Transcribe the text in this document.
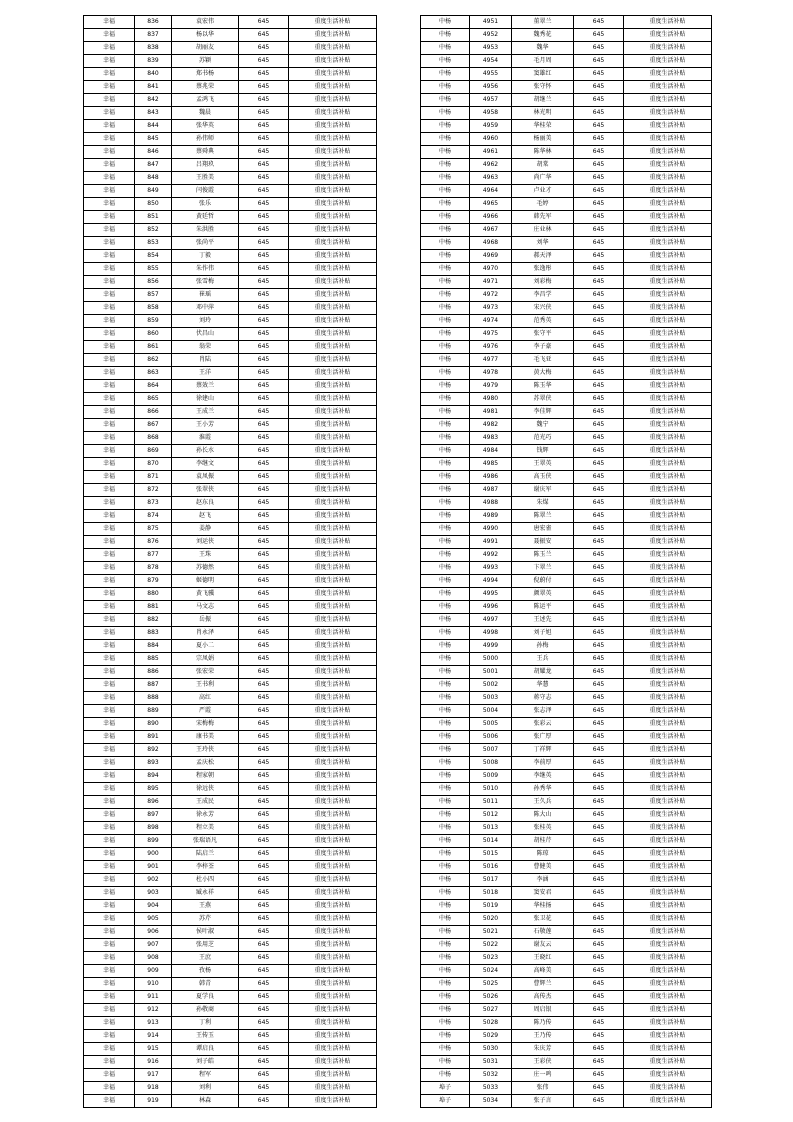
幸福	836	袁宏伟	645	重度生活补贴
幸福	837	杨以华	645	重度生活补贴
幸福	838	胡丽友	645	重度生活补贴
幸福	839	苏颖	645	重度生活补贴
幸福	840	郑书杨	645	重度生活补贴
幸福	841	蔡兆荣	645	重度生活补贴
幸福	842	孟鸿飞	645	重度生活补贴
幸福	843	魏晨	645	重度生活补贴
幸福	844	张华英	645	重度生活补贴
幸福	845	孙伟师	645	重度生活补贴
幸福	846	蔡舜典	645	重度生活补贴
幸福	847	吕翔玖	645	重度生活补贴
幸福	848	王胜美	645	重度生活补贴
幸福	849	闫俊霞	645	重度生活补贴
幸福	850	张乐	645	重度生活补贴
幸福	851	黄廷哲	645	重度生活补贴
幸福	852	朱洪胜	645	重度生活补贴
幸福	853	张尚平	645	重度生活补贴
幸福	854	丁毅	645	重度生活补贴
幸福	855	朱作伟	645	重度生活补贴
幸福	856	张雪梅	645	重度生活补贴
幸福	857	崔瑶	645	重度生活补贴
幸福	858	邓中萍	645	重度生活补贴
幸福	859	刘玲	645	重度生活补贴
幸福	860	伏昌山	645	重度生活补贴
幸福	861	翁荣	645	重度生活补贴
幸福	862	肖陆	645	重度生活补贴
幸福	863	王洋	645	重度生活补贴
幸福	864	蔡效兰	645	重度生活补贴
幸福	865	徐建山	645	重度生活补贴
幸福	866	王成兰	645	重度生活补贴
幸福	867	王小芳	645	重度生活补贴
幸福	868	淮霞	645	重度生活补贴
幸福	869	孙长水	645	重度生活补贴
幸福	870	李继文	645	重度生活补贴
幸福	871	袁凤振	645	重度生活补贴
幸福	872	张翠侠	645	重度生活补贴
幸福	873	赵东良	645	重度生活补贴
幸福	874	赵飞	645	重度生活补贴
幸福	875	姜静	645	重度生活补贴
幸福	876	刘运侠	645	重度生活补贴
幸福	877	王珠	645	重度生活补贴
幸福	878	苏德然	645	重度生活补贴
幸福	879	姬德明	645	重度生活补贴
幸福	880	黄飞骥	645	重度生活补贴
幸福	881	马文志	645	重度生活补贴
幸福	882	岳振	645	重度生活补贴
幸福	883	肖永泽	645	重度生活补贴
幸福	884	夏小二	645	重度生活补贴
幸福	885	宗凤娟	645	重度生活补贴
幸福	886	张宏荣	645	重度生活补贴
幸福	887	王书利	645	重度生活补贴
幸福	888	高红	645	重度生活补贴
幸福	889	严霞	645	重度生活补贴
幸福	890	宋梅梅	645	重度生活补贴
幸福	891	康书美	645	重度生活补贴
幸福	892	王玲侠	645	重度生活补贴
幸福	893	孟庆松	645	重度生活补贴
幸福	894	程家朝	645	重度生活补贴
幸福	895	徐远侠	645	重度生活补贴
幸福	896	王成民	645	重度生活补贴
幸福	897	徐永芳	645	重度生活补贴
幸福	898	程立美	645	重度生活补贴
幸福	899	张瑞语凡	645	重度生活补贴
幸福	900	陆启兰	645	重度生活补贴
幸福	901	李梓荃	645	重度生活补贴
幸福	902	杜小四	645	重度生活补贴
幸福	903	臧永祥	645	重度生活补贴
幸福	904	王燕	645	重度生活补贴
幸福	905	苏芹	645	重度生活补贴
幸福	906	侯叶淑	645	重度生活补贴
幸福	907	张用芝	645	重度生活补贴
幸福	908	王庶	645	重度生活补贴
幸福	909	孜杨	645	重度生活补贴
幸福	910	韩青	645	重度生活补贴
幸福	911	夏学良	645	重度生活补贴
幸福	912	孙敬商	645	重度生活补贴
幸福	913	丁利	645	重度生活补贴
幸福	914	王传玉	645	重度生活补贴
幸福	915	谭启良	645	重度生活补贴
幸福	916	刘子皓	645	重度生活补贴
幸福	917	程军	645	重度生活补贴
幸福	918	刘利	645	重度生活补贴
幸福	919	林森	645	重度生活补贴
中杨	4951	董翠兰	645	重度生活补贴
中杨	4952	魏秀花	645	重度生活补贴
中杨	4953	魏华	645	重度生活补贴
中杨	4954	毛月周	645	重度生活补贴
中杨	4955	窦雄红	645	重度生活补贴
中杨	4956	张守怀	645	重度生活补贴
中杨	4957	胡继兰	645	重度生活补贴
中杨	4958	林光明	645	重度生活补贴
中杨	4959	华桂荣	645	重度生活补贴
中杨	4960	杨丽美	645	重度生活补贴
中杨	4961	陈华林	645	重度生活补贴
中杨	4962	胡棠	645	重度生活补贴
中杨	4963	尚广华	645	重度生活补贴
中杨	4964	卢业才	645	重度生活补贴
中杨	4965	毛婷	645	重度生活补贴
中杨	4966	韩先军	645	重度生活补贴
中杨	4967	庄业林	645	重度生活补贴
中杨	4968	刘华	645	重度生活补贴
中杨	4969	郝天泽	645	重度生活补贴
中杨	4970	张逸彤	645	重度生活补贴
中杨	4971	刘彩梅	645	重度生活补贴
中杨	4972	李昌学	645	重度生活补贴
中杨	4973	宋兴侠	645	重度生活补贴
中杨	4974	范秀英	645	重度生活补贴
中杨	4975	张守平	645	重度生活补贴
中杨	4976	李子豪	645	重度生活补贴
中杨	4977	毛飞亚	645	重度生活补贴
中杨	4978	黄大梅	645	重度生活补贴
中杨	4979	陈玉华	645	重度生活补贴
中杨	4980	苏翠侠	645	重度生活补贴
中杨	4981	李佳辉	645	重度生活补贴
中杨	4982	魏宁	645	重度生活补贴
中杨	4983	范光巧	645	重度生活补贴
中杨	4984	钱辉	645	重度生活补贴
中杨	4985	王翠英	645	重度生活补贴
中杨	4986	高玉侠	645	重度生活补贴
中杨	4987	谢庆军	645	重度生活补贴
中杨	4988	朱煤	645	重度生活补贴
中杨	4989	陈翠兰	645	重度生活补贴
中杨	4990	唐宏雀	645	重度生活补贴
中杨	4991	聂振安	645	重度生活补贴
中杨	4992	陈玉兰	645	重度生活补贴
中杨	4993	卞翠兰	645	重度生活补贴
中杨	4994	倪蔚付	645	重度生活补贴
中杨	4995	颜翠英	645	重度生活补贴
中杨	4996	陈运平	645	重度生活补贴
中杨	4997	王述先	645	重度生活补贴
中杨	4998	刘子旭	645	重度生活补贴
中杨	4999	孙梅	645	重度生活补贴
中杨	5000	王兵	645	重度生活补贴
中杨	5001	胡耀龙	645	重度生活补贴
中杨	5002	华慧	645	重度生活补贴
中杨	5003	蒋守志	645	重度生活补贴
中杨	5004	张志泽	645	重度生活补贴
中杨	5005	张彩云	645	重度生活补贴
中杨	5006	张广厚	645	重度生活补贴
中杨	5007	丁祥辉	645	重度生活补贴
中杨	5008	李前厚	645	重度生活补贴
中杨	5009	李继英	645	重度生活补贴
中杨	5010	孙秀华	645	重度生活补贴
中杨	5011	王久兵	645	重度生活补贴
中杨	5012	陈大山	645	重度生活补贴
中杨	5013	张桂英	645	重度生活补贴
中杨	5014	胡桂芹	645	重度生活补贴
中杨	5015	陈琼	645	重度生活补贴
中杨	5016	曹健美	645	重度生活补贴
中杨	5017	李涵	645	重度生活补贴
中杨	5018	窦安君	645	重度生活补贴
中杨	5019	华桂扬	645	重度生活补贴
中杨	5020	张卫花	645	重度生活补贴
中杨	5021	石敬莲	645	重度生活补贴
中杨	5022	谢友云	645	重度生活补贴
中杨	5023	王晓红	645	重度生活补贴
中杨	5024	高峰美	645	重度生活补贴
中杨	5025	曹辉兰	645	重度生活补贴
中杨	5026	高传杰	645	重度生活补贴
中杨	5027	周启银	645	重度生活补贴
中杨	5028	陈乃传	645	重度生活补贴
中杨	5029	王乃传	645	重度生活补贴
中杨	5030	朱庆芳	645	重度生活补贴
中杨	5031	王彩侠	645	重度生活补贴
中杨	5032	庄一鸣	645	重度生活补贴
埠子	5033	张伟	645	重度生活补贴
埠子	5034	张子言	645	重度生活补贴
